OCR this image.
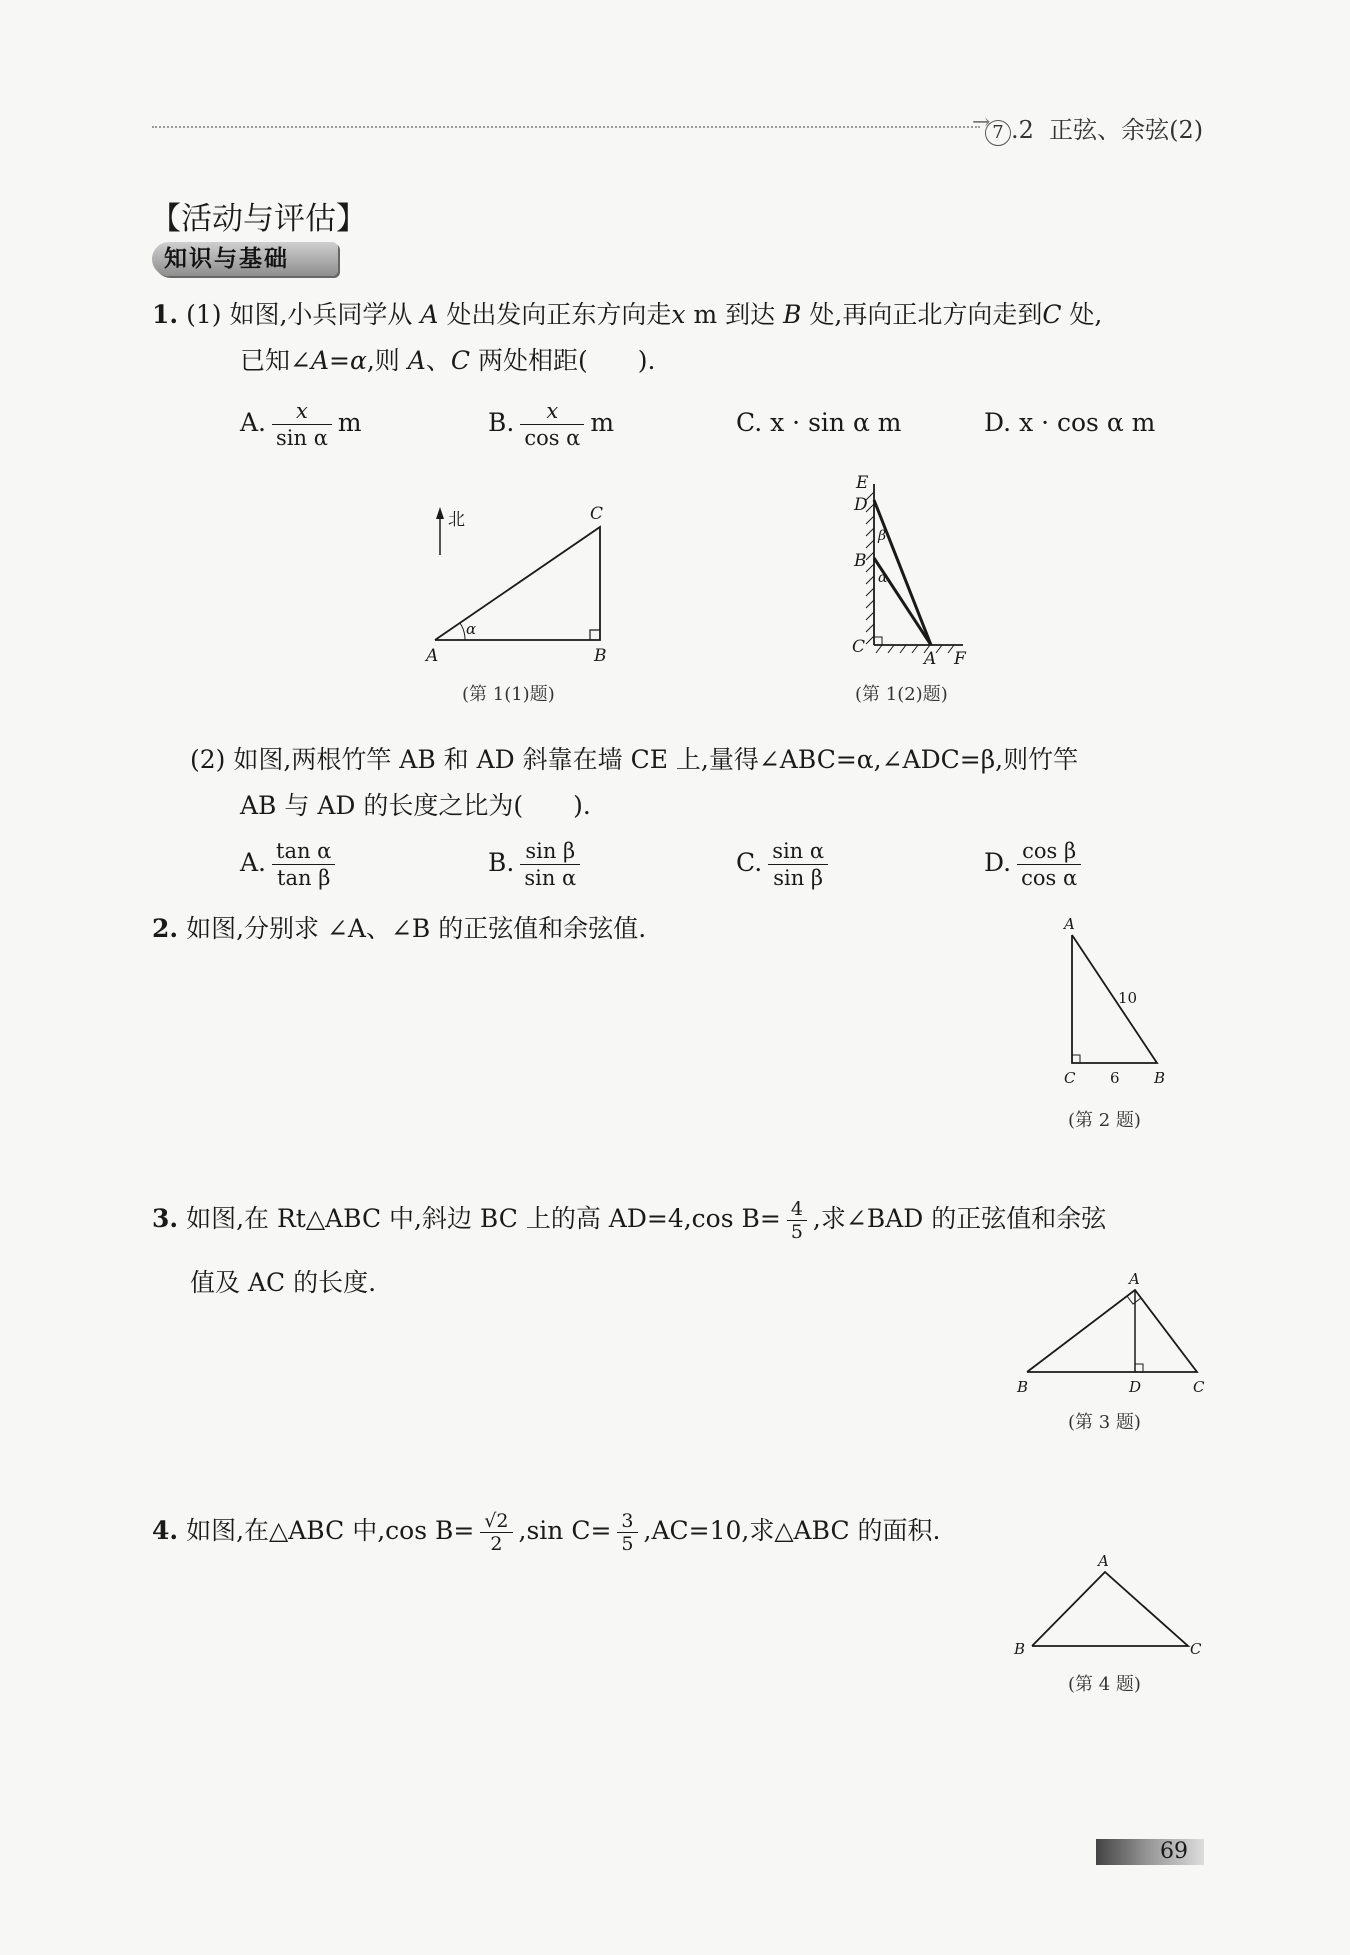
→ 7 .2 正弦、余弦(2)
【活动与评估】
知识与基础
1. (1) 如图,小兵同学从 A 处出发向正东方向走x m 到达 B 处,再向正北方向走到C 处,
已知∠A=α,则 A、C 两处相距(　　).
A. $\frac{x}{\text{sin α}}$ m	B. $\frac{x}{\text{cos α}}$ m	C. x · sin α m	D. x · cos α m
北
A	B
C
α
(第 1(1)题)
E
D
B
C
A F
β
α
(第 1(2)题)
(2) 如图,两根竹竿 AB 和 AD 斜靠在墙 CE 上,量得∠ABC=α,∠ADC=β,则竹竿
AB 与 AD 的长度之比为(　　).
A. $\frac{\text{tan α}}{\text{tan β}}$	B. $\frac{\text{sin β}}{\text{sin α}}$	C. $\frac{\text{sin α}}{\text{sin β}}$	D. $\frac{\text{cos β}}{\text{cos α}}$
2. 如图,分别求 ∠A、∠B 的正弦值和余弦值.	A
C	B
10
6
(第 2 题)
3. 如图,在 Rt△ABC 中,斜边 BC 上的高 AD=4,cos $B= \frac{4}{5}$ ,求∠BAD 的正弦值和余弦
值及 AC 的长度.	A
B	D	C
(第 3 题)
4. 如图,在△ABC 中,cos $B= \frac{√2}{2} ,\sin$ $C= \frac{3}{5} ,AC=10$,求△ABC 的面积.
A
B	C
(第 4 题)
69
